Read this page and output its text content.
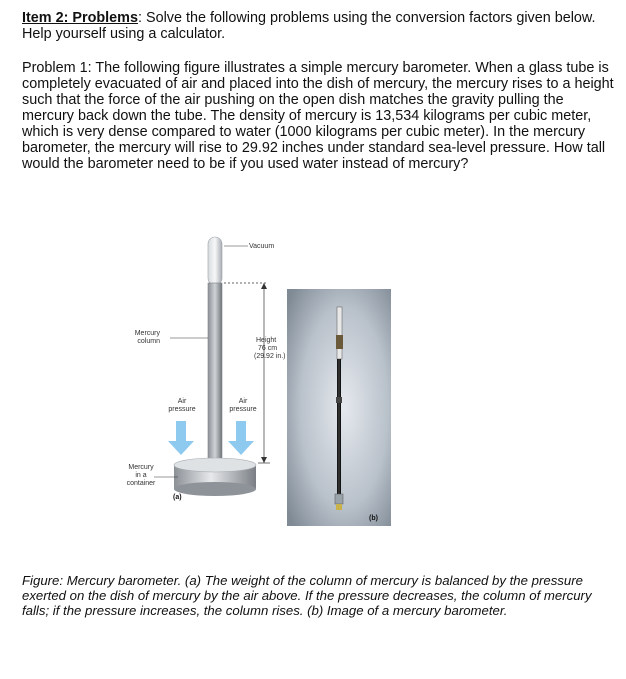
Item 2: Problems: Solve the following problems using the conversion factors given below. Help yourself using a calculator.
Problem 1: The following figure illustrates a simple mercury barometer. When a glass tube is completely evacuated of air and placed into the dish of mercury, the mercury rises to a height such that the force of the air pushing on the open dish matches the gravity pulling the mercury back down the tube. The density of mercury is 13,534 kilograms per cubic meter, which is very dense compared to water (1000 kilograms per cubic meter). In the mercury barometer, the mercury will rise to 29.92 inches under standard sea-level pressure. How tall would the barometer need to be if you used water instead of mercury?
Vacuum
Mercury
column	Height
76 cm
(29.92 in.)
Air
pressure
Air
pressure
Mercury
in a
container
(a)
(b)
Figure: Mercury barometer. (a) The weight of the column of mercury is balanced by the pressure exerted on the dish of mercury by the air above. If the pressure decreases, the column of mercury falls; if the pressure increases, the column rises. (b) Image of a mercury barometer.
